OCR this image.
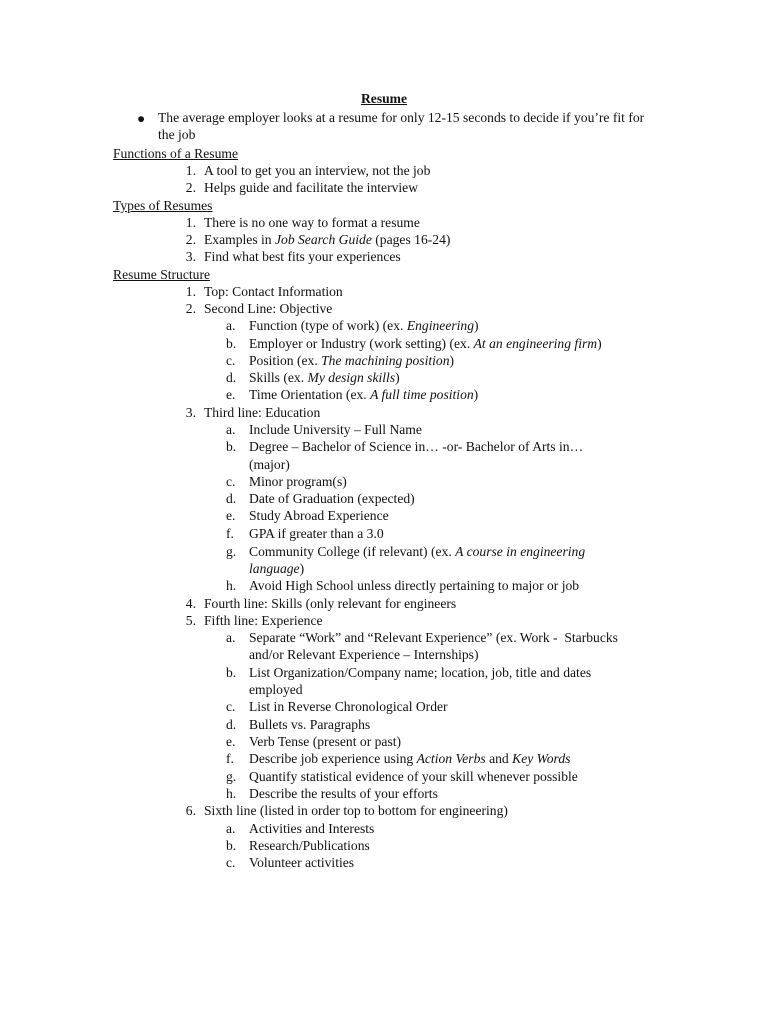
Resume
● The average employer looks at a resume for only 12-15 seconds to decide if you’re fit for the job
Functions of a Resume
1. A tool to get you an interview, not the job
2. Helps guide and facilitate the interview
Types of Resumes
1. There is no one way to format a resume
2. Examples in Job Search Guide (pages 16-24)
3. Find what best fits your experiences
Resume Structure
1. Top: Contact Information
2. Second Line: Objective
a. Function (type of work) (ex. Engineering)
b. Employer or Industry (work setting) (ex. At an engineering firm)
c. Position (ex. The machining position)
d. Skills (ex. My design skills)
e. Time Orientation (ex. A full time position)
3. Third line: Education
a. Include University – Full Name
b. Degree – Bachelor of Science in… -or- Bachelor of Arts in…
(major)
c. Minor program(s)
d. Date of Graduation (expected)
e. Study Abroad Experience
f. GPA if greater than a 3.0
g. Community College (if relevant) (ex. A course in engineering
language)
h. Avoid High School unless directly pertaining to major or job
4. Fourth line: Skills (only relevant for engineers
5. Fifth line: Experience
a. Separate “Work” and “Relevant Experience” (ex. Work -  Starbucks
and/or Relevant Experience – Internships)
b. List Organization/Company name; location, job, title and dates
employed
c. List in Reverse Chronological Order
d. Bullets vs. Paragraphs
e. Verb Tense (present or past)
f. Describe job experience using Action Verbs and Key Words
g. Quantify statistical evidence of your skill whenever possible
h. Describe the results of your efforts
6. Sixth line (listed in order top to bottom for engineering)
a. Activities and Interests
b. Research/Publications
c. Volunteer activities
